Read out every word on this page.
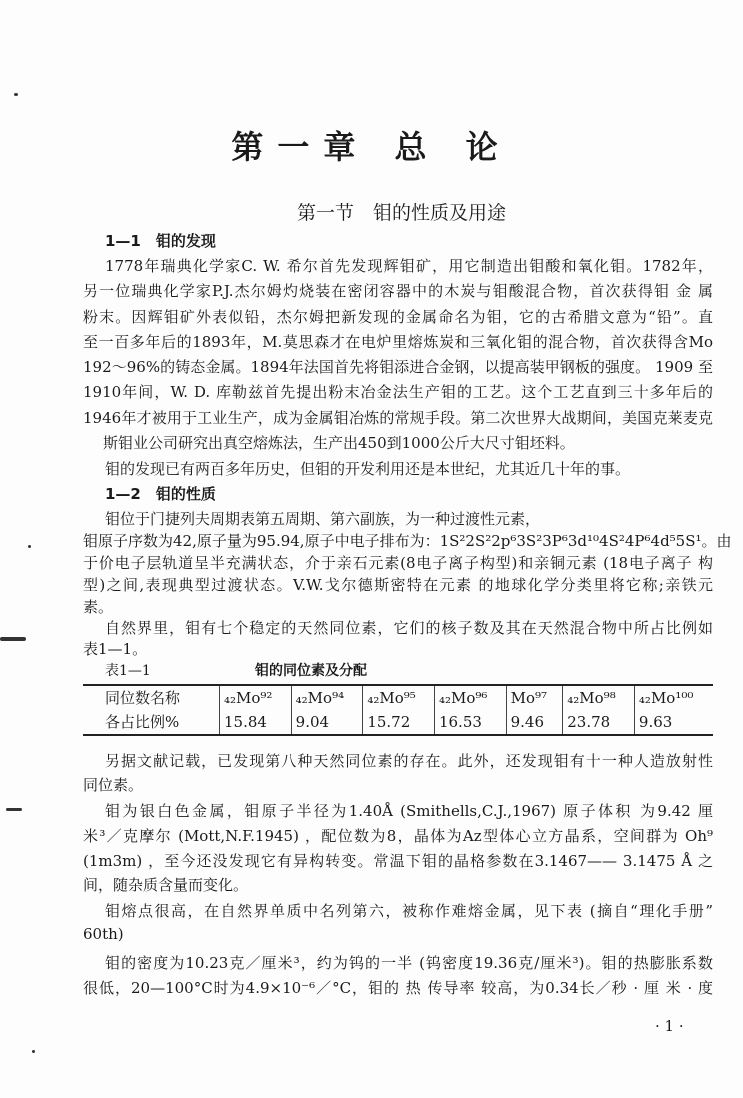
第一章 总 论
第一节　钼的性质及用途
1—1　钼的发现
1778年瑞典化学家C. W. 希尔首先发现辉钼矿，用它制造出钼酸和氧化钼。1782年，
另一位瑞典化学家P.J.杰尔姆灼烧装在密闭容器中的木炭与钼酸混合物，首次获得钼 金 属
粉末。因辉钼矿外表似铅，杰尔姆把新发现的金属命名为钼，它的古希腊文意为“铅”。直
至一百多年后的1893年，M.莫思森才在电炉里熔炼炭和三氧化钼的混合物，首次获得含Mo
192～96%的铸态金属。1894年法国首先将钼添进合金钢，以提高装甲钢板的强度。 1909 至
1910年间，W. D. 库勒兹首先提出粉末冶金法生产钼的工艺。这个工艺直到三十多年后的
1946年才被用于工业生产，成为金属钼冶炼的常规手段。第二次世界大战期间，美国克莱麦克
斯钼业公司研究出真空熔炼法，生产出450到1000公斤大尺寸钼坯料。
钼的发现已有两百多年历史，但钼的开发利用还是本世纪，尤其近几十年的事。
1—2　钼的性质
钼位于门捷列夫周期表第五周期、第六副族，为一种过渡性元素，
钼原子序数为42,原子量为95.94,原子中电子排布为：1S²2S²2p⁶3S²3P⁶3d¹⁰4S²4P⁶4d⁵5S¹。由
于价电子层轨道呈半充满状态，介于亲石元素(8电子离子构型)和亲铜元素 (18电子离子 构
型)之间,表现典型过渡状态。V.W.戈尔德斯密特在元素 的地球化学分类里将它称;亲铁元
素。
自然界里，钼有七个稳定的天然同位素，它们的核子数及其在天然混合物中所占比例如
表1—1。
表1—1	钼的同位素及分配
同位数名称	₄₂Mo⁹²	₄₂Mo⁹⁴	₄₂Mo⁹⁵	₄₂Mo⁹⁶	Mo⁹⁷	₄₂Mo⁹⁸	₄₂Mo¹⁰⁰
各占比例%	15.84	9.04	15.72	16.53	9.46	23.78	9.63
另据文献记载，已发现第八种天然同位素的存在。此外，还发现钼有十一种人造放射性
同位素。
钼为银白色金属，钼原子半径为1.40Å (Smithells,C.J.,1967) 原子体积 为9.42 厘
米³／克摩尔 (Mott,N.F.1945) ，配位数为8，晶体为Az型体心立方晶系，空间群为 Oh⁹
(1m3m) ，至今还没发现它有异构转变。常温下钼的晶格参数在3.1467—— 3.1475 Å 之
间，随杂质含量而变化。
钼熔点很高，在自然界单质中名列第六，被称作难熔金属，见下表 (摘自“理化手册”
60th)
钼的密度为10.23克／厘米³，约为钨的一半 (钨密度19.36克/厘米³)。钼的热膨胀系数
很低，20—100°C时为4.9×10⁻⁶／°C，钼的 热 传导率 较高，为0.34长／秒 · 厘 米 · 度
· 1 ·
